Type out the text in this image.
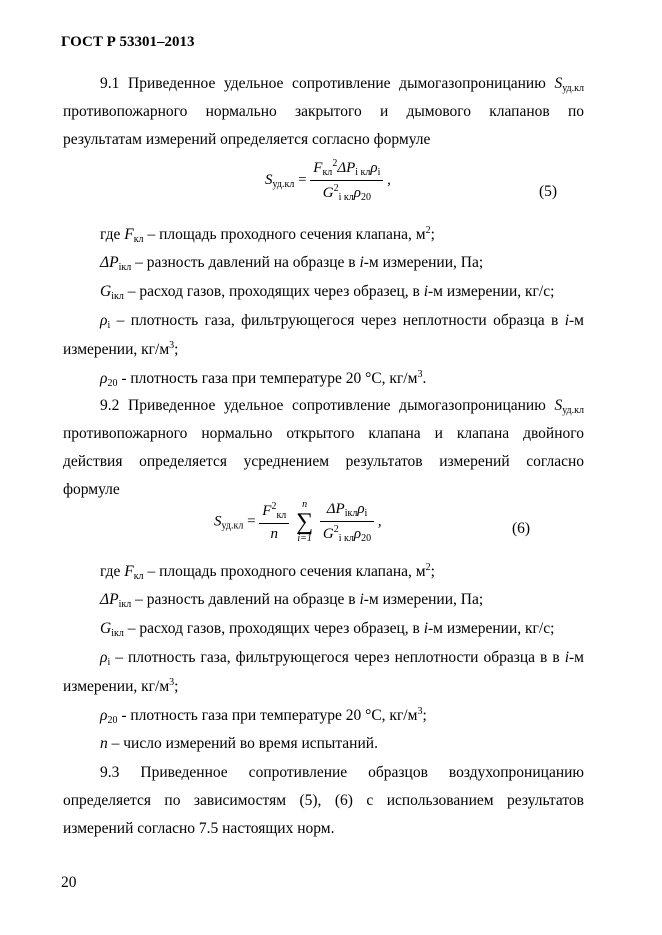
ГОСТ Р 53301–2013
9.1 Приведенное удельное сопротивление дымогазопроницанию $S_{уд.кл}$
противопожарного нормально закрытого и дымового клапанов по
результатам измерений определяется согласно формуле
$S_{уд.кл} = \frac{F_{кл}^2\Delta P_{i кл}\rho_i}{G^2_{i кл}\rho_{20}}$ ,
(5)
где $F_{кл}$ – площадь проходного сечения клапана, $м^2$;
$\Delta P_{iкл}$ – разность давлений на образце в i-м измерении, Па;
$G_{iкл}$ – расход газов, проходящих через образец, в i-м измерении, кг/с;
$\rho_i$ – плотность газа, фильтрующегося через неплотности образца в i-м
измерении, $кг/м^3$;
$\rho_{20}$ - плотность газа при температуре 20 °С, $кг/м^3$.
9.2 Приведенное удельное сопротивление дымогазопроницанию $S_{уд.кл}$
противопожарного нормально открытого клапана и клапана двойного
действия определяется усреднением результатов измерений согласно
формуле
$S_{уд.кл} = \frac{F^2_{кл}}{n}$ n
∑
$i=1 \frac{\Delta P_{iкл}\rho_i}{G^2_{i кл}\rho_{20}}$ ,	(6)
где $F_{кл}$ – площадь проходного сечения клапана, $м^2$;
$\Delta P_{iкл}$ – разность давлений на образце в i-м измерении, Па;
$G_{iкл}$ – расход газов, проходящих через образец, в i-м измерении, кг/с;
$\rho_i$ – плотность газа, фильтрующегося через неплотности образца в в i-м
измерении, $кг/м^3$;
$\rho_{20}$ - плотность газа при температуре 20 °С, $кг/м^3$;
n – число измерений во время испытаний.
9.3 Приведенное сопротивление образцов воздухопроницанию
определяется по зависимостям (5), (6) с использованием результатов
измерений согласно 7.5 настоящих норм.
20
